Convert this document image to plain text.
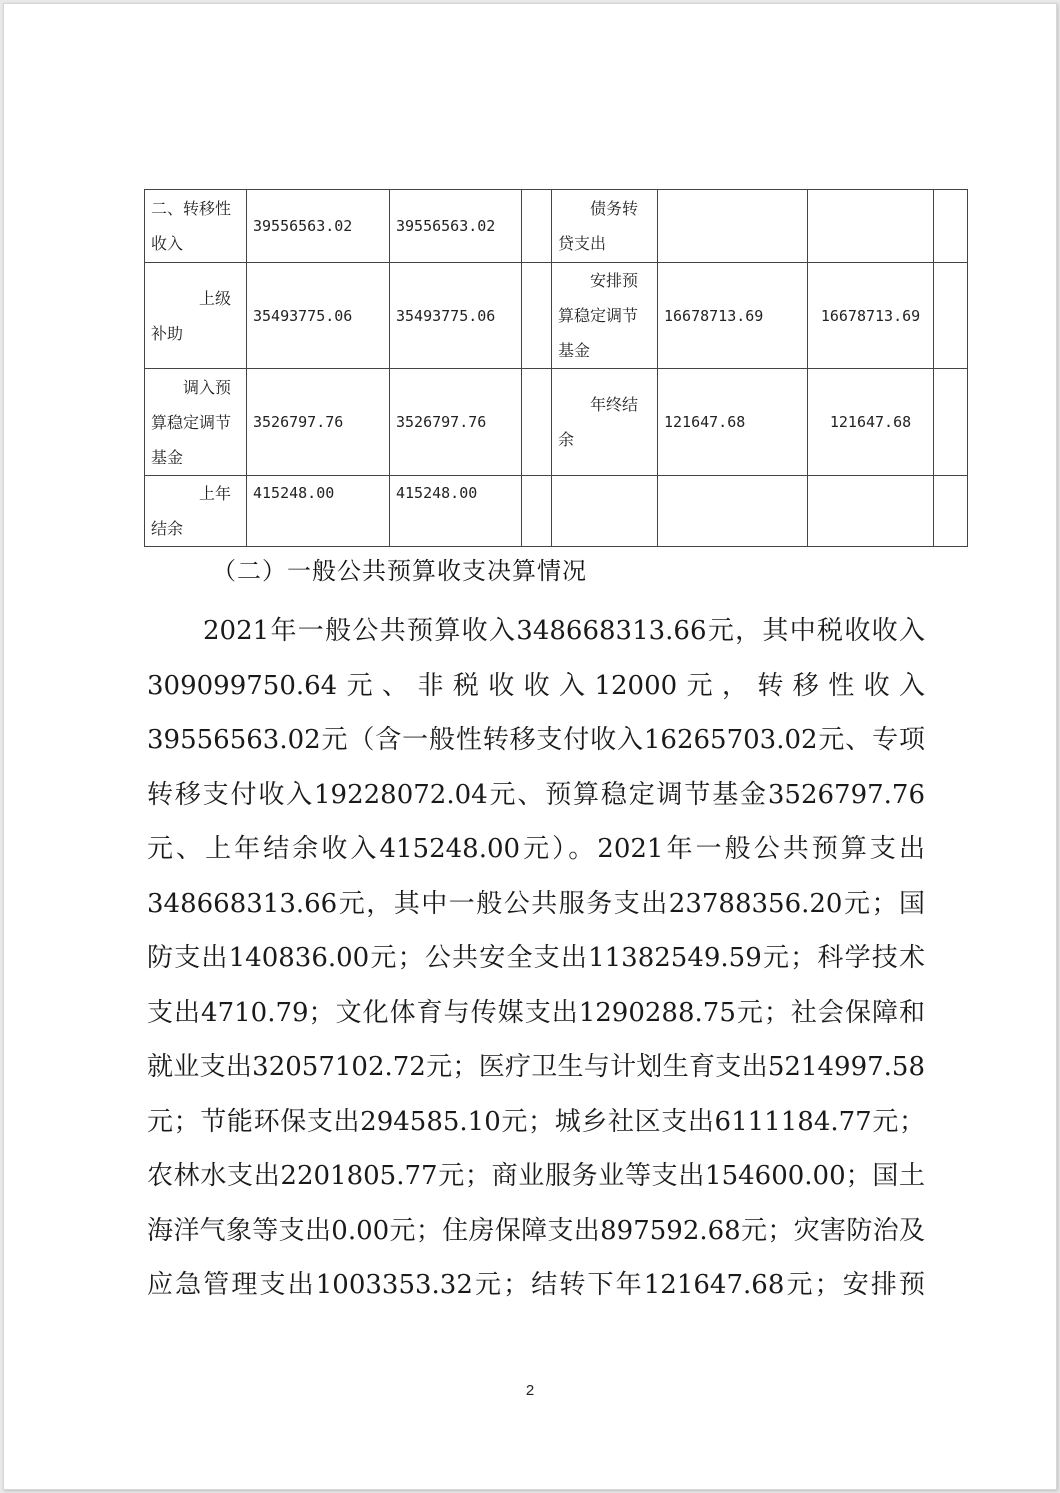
二、转移性收入	39556563.02	39556563.02		债务转贷支出			
上级补助	35493775.06	35493775.06		安排预算稳定调节基金	16678713.69	16678713.69	
调入预算稳定调节基金	3526797.76	3526797.76		年终结余	121647.68	121647.68	
上年结余	415248.00	415248.00					
（二）一般公共预算收支决算情况
2021年一般公共预算收入348668313.66元，其中税收收入309099750.64元、非税收收入12000元，转移性收入39556563.02元（含一般性转移支付收入16265703.02元、专项转移支付收入19228072.04元、预算稳定调节基金3526797.76元、上年结余收入415248.00元）。2021年一般公共预算支出348668313.66元，其中一般公共服务支出23788356.20元；国防支出140836.00元；公共安全支出11382549.59元；科学技术支出4710.79；文化体育与传媒支出1290288.75元；社会保障和就业支出32057102.72元；医疗卫生与计划生育支出5214997.58元；节能环保支出294585.10元；城乡社区支出6111184.77元；农林水支出2201805.77元；商业服务业等支出154600.00；国土海洋气象等支出0.00元；住房保障支出897592.68元；灾害防治及应急管理支出1003353.32元；结转下年121647.68元；安排预
2
